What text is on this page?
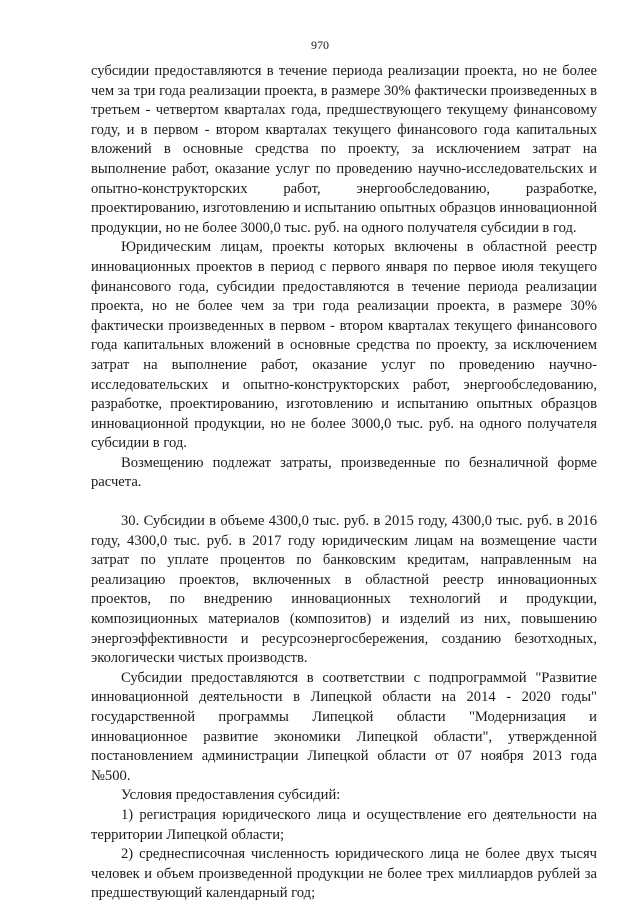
970

субсидии предоставляются в течение периода реализации проекта, но не более чем за три года реализации проекта, в размере 30% фактически произведенных в третьем - четвертом кварталах года, предшествующего текущему финансовому году, и в первом - втором кварталах текущего финансового года капитальных вложений в основные средства по проекту, за исключением затрат на выполнение работ, оказание услуг по проведению научно-исследовательских и опытно-конструкторских работ, энергообследованию, разработке, проектированию, изготовлению и испытанию опытных образцов инновационной продукции, но не более 3000,0 тыс. руб. на одного получателя субсидии в год.

Юридическим лицам, проекты которых включены в областной реестр инновационных проектов в период с первого января по первое июля текущего финансового года, субсидии предоставляются в течение периода реализации проекта, но не более чем за три года реализации проекта, в размере 30% фактически произведенных в первом - втором кварталах текущего финансового года капитальных вложений в основные средства по проекту, за исключением затрат на выполнение работ, оказание услуг по проведению научно-исследовательских и опытно-конструкторских работ, энергообследованию, разработке, проектированию, изготовлению и испытанию опытных образцов инновационной продукции, но не более 3000,0 тыс. руб. на одного получателя субсидии в год.

Возмещению подлежат затраты, произведенные по безналичной форме расчета.

30. Субсидии в объеме 4300,0 тыс. руб. в 2015 году, 4300,0 тыс. руб. в 2016 году, 4300,0 тыс. руб. в 2017 году юридическим лицам на возмещение части затрат по уплате процентов по банковским кредитам, направленным на реализацию проектов, включенных в областной реестр инновационных проектов, по внедрению инновационных технологий и продукции, композиционных материалов (композитов) и изделий из них, повышению энергоэффективности и ресурсоэнергосбережения, созданию безотходных, экологически чистых производств.

Субсидии предоставляются в соответствии с подпрограммой "Развитие инновационной деятельности в Липецкой области на 2014 - 2020 годы" государственной программы Липецкой области "Модернизация и инновационное развитие экономики Липецкой области", утвержденной постановлением администрации Липецкой области от 07 ноября 2013 года №500.

Условия предоставления субсидий:

1) регистрация юридического лица и осуществление его деятельности на территории Липецкой области;

2) среднесписочная численность юридического лица не более двух тысяч человек и объем произведенной продукции не более трех миллиардов рублей за предшествующий календарный год;
